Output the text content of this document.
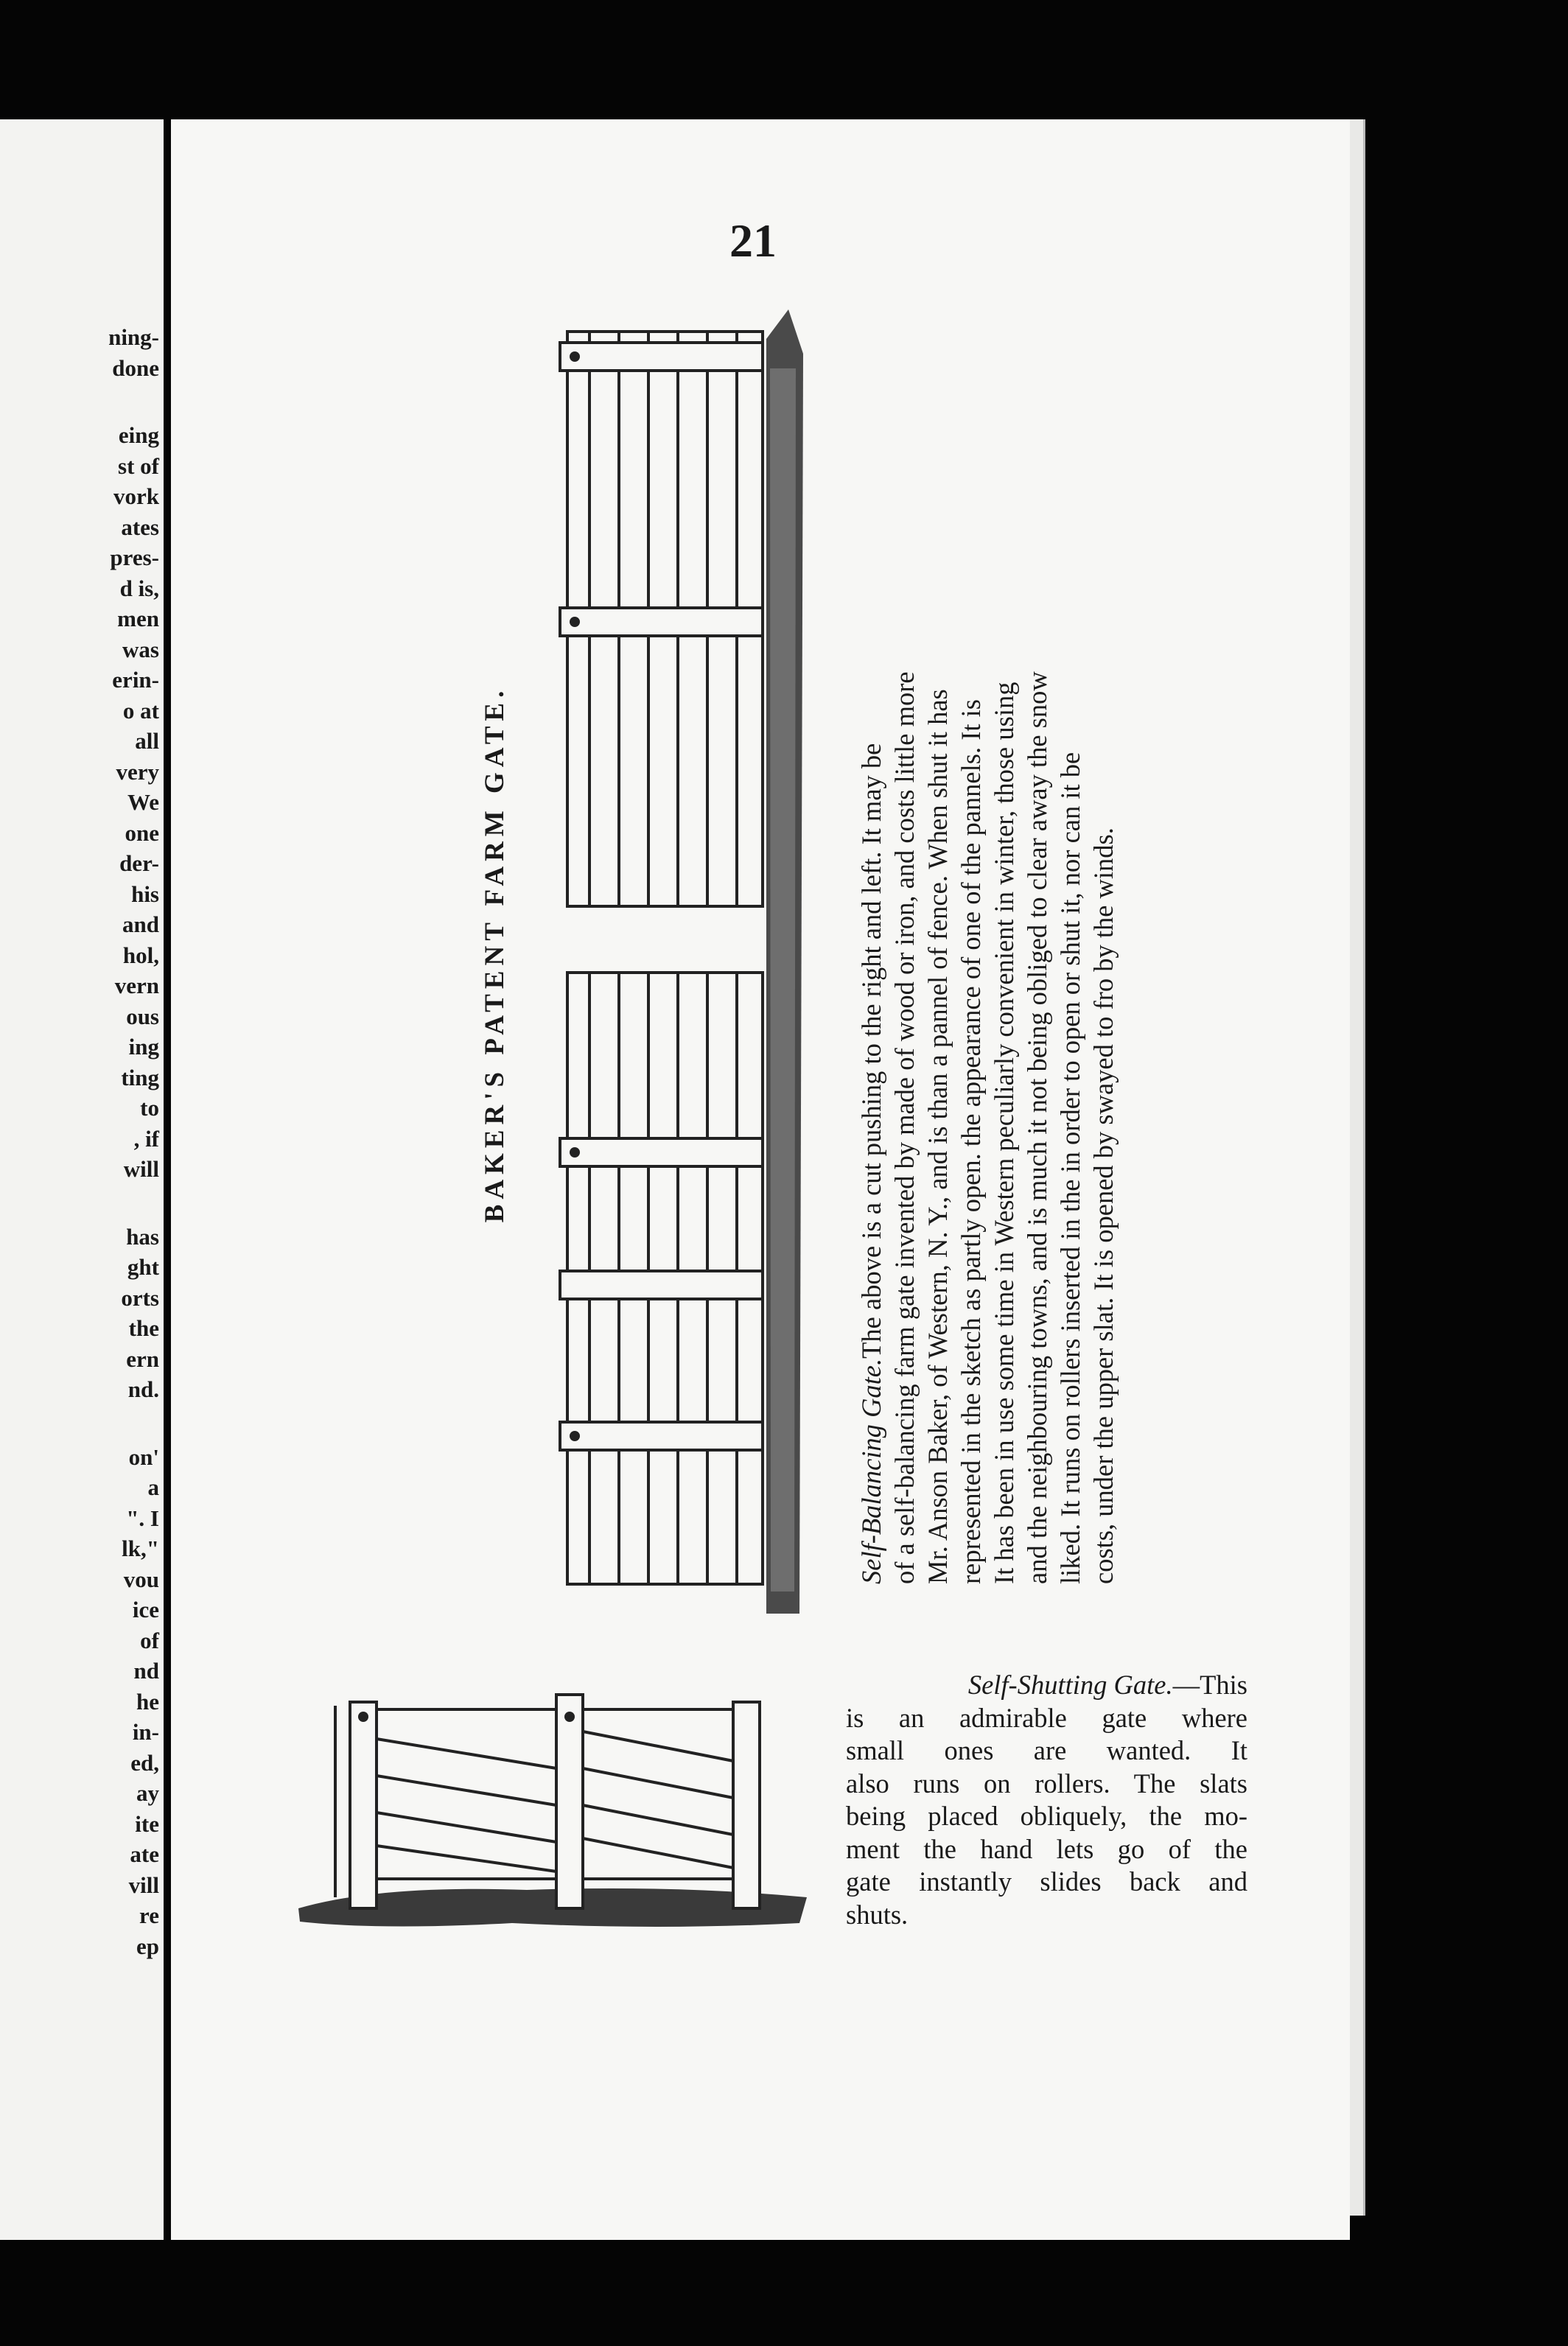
ning-
done
eing
st of
vork
ates
pres-
d is,
men
was
erin-
o at
all
very
We
one
der-
his
and
hol,
vern
ous
ing
ting
to
, if
will
has
ght
orts
the
ern
nd.
on'
a
". I
lk,"
vou
ice
of
nd
he
in-
ed,
ay
ite
ate
vill
re
ep
21
BAKER'S PATENT FARM GATE.
Self-Balancing Gate.The above is a cut pushing to the right and left. It may be of a self-balancing farm gate invented by made of wood or iron, and costs little more Mr. Anson Baker, of Western, N. Y., and is than a pannel of fence. When shut it has represented in the sketch as partly open. the appearance of one of the pannels. It is It has been in use some time in Western peculiarly convenient in winter, those using and the neighbouring towns, and is much it not being obliged to clear away the snow liked. It runs on rollers inserted in the in order to open or shut it, nor can it be costs, under the upper slat. It is opened by swayed to fro by the winds.
Self-Shutting Gate.—This
is an admirable gate where
small ones are wanted. It
also runs on rollers. The slats
being placed obliquely, the mo-
ment the hand lets go of the
gate instantly slides back and
shuts.
